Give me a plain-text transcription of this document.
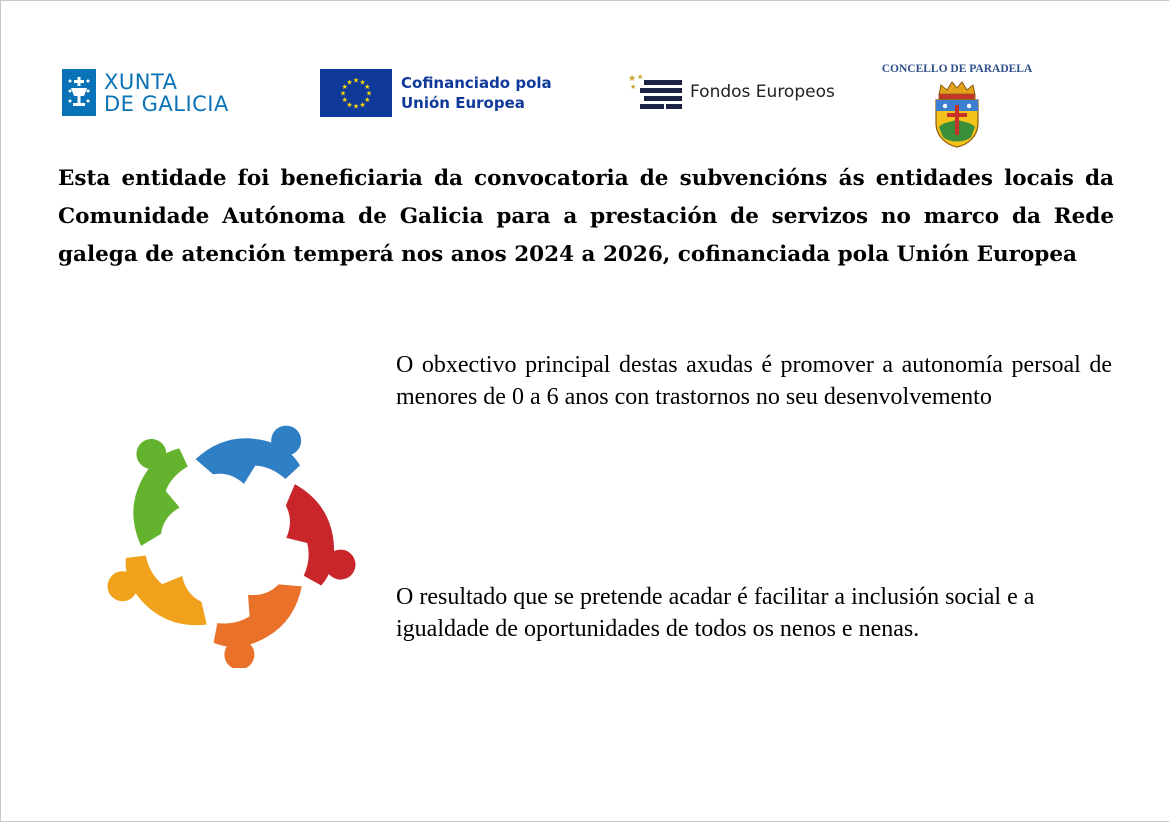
XUNTA
DE GALICIA	★
★
★
★
★
★
★
★
★ ★ ★
★ Cofinanciado pola
Unión Europea
★ ★
★	Fondos Europeos
CONCELLO DE PARADELA

Esta entidade foi beneficiaria da convocatoria de subvencións ás entidades locais da Comunidade Autónoma de Galicia para a prestación de servizos no marco da Rede galega de atención temperá nos anos 2024 a 2026, cofinanciada pola Unión Europea

O obxectivo principal destas axudas é promover a autonomía persoal de menores de 0 a 6 anos con trastornos no seu desenvolvemento

O resultado que se pretende acadar é facilitar a inclusión social e a igualdade de oportunidades de todos os nenos e nenas.
